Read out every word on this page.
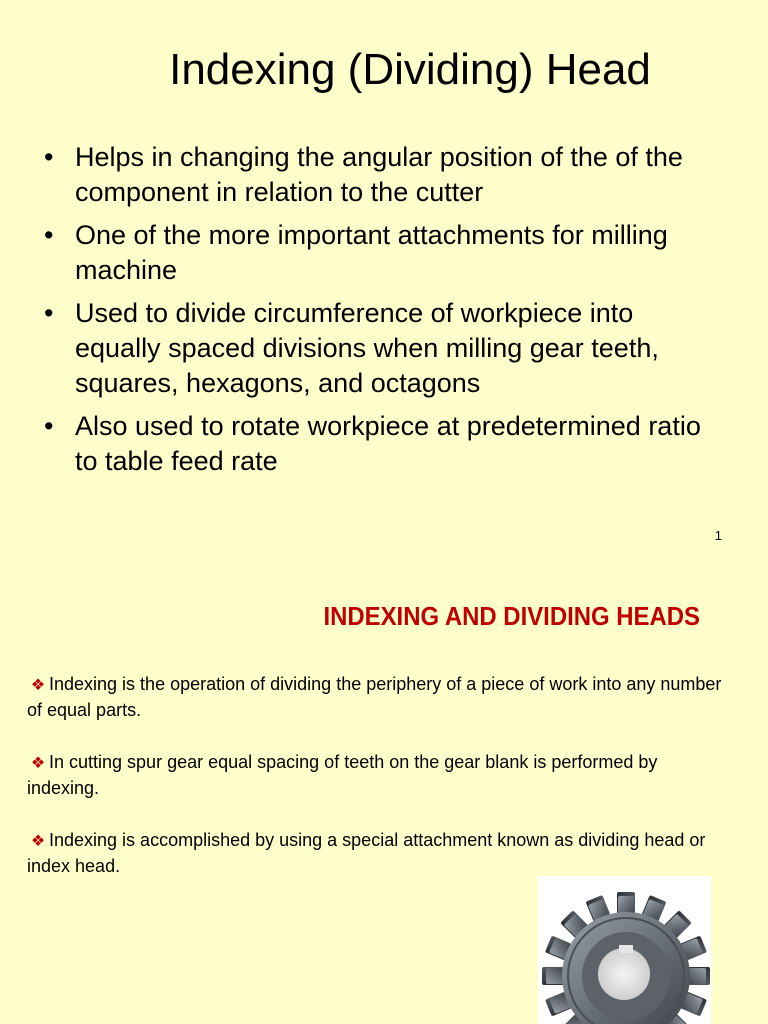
Indexing (Dividing) Head
• Helps in changing the angular position of the of the component in relation to the cutter
• One of the more important attachments for milling machine
• Used to divide circumference of workpiece into equally spaced divisions when milling gear teeth, squares, hexagons, and octagons
• Also used to rotate workpiece at predetermined ratio to table feed rate
1
INDEXING AND DIVIDING HEADS

❖ Indexing is the operation of dividing the periphery of a piece of work into any number of equal parts.

❖ In cutting spur gear equal spacing of teeth on the gear blank is performed by indexing.

❖ Indexing is accomplished by using a special attachment known as dividing head or index head.
